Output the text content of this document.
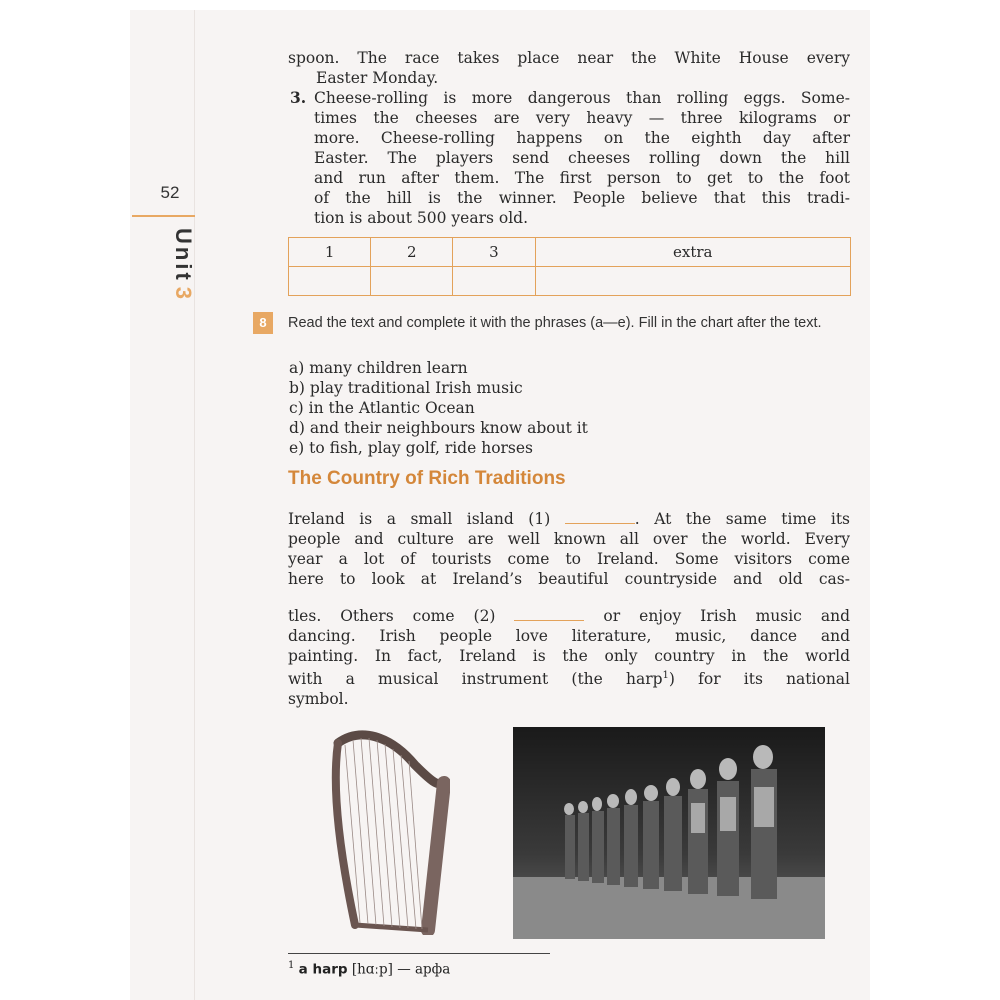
52
Unit3
spoon. The race takes place near the White House every
Easter Monday.
3. Cheese-rolling is more dangerous than rolling eggs. Some-
times the cheeses are very heavy — three kilograms or
more. Cheese-rolling happens on the eighth day after
Easter. The players send cheeses rolling down the hill
and run after them. The first person to get to the foot
of the hill is the winner. People believe that this tradi-
tion is about 500 years old.
1	2	3	extra

8	Read the text and complete it with the phrases (a—e). Fill in the chart after the text.
a) many children learn
b) play traditional Irish music
c) in the Atlantic Ocean
d) and their neighbours know about it
e) to fish, play golf, ride horses
The Country of Rich Traditions
Ireland is a small island (1)	. At the same time its
people and culture are well known all over the world. Every
year a lot of tourists come to Ireland. Some visitors come
here to look at Ireland’s beautiful countryside and old cas-
tles. Others come (2)	or enjoy Irish music and
dancing. Irish people love literature, music, dance and
painting. In fact, Ireland is the only country in the world
with a musical instrument (the harp$^1$) for its national
symbol.
$^1$ a harp [hɑːp] — арфа
